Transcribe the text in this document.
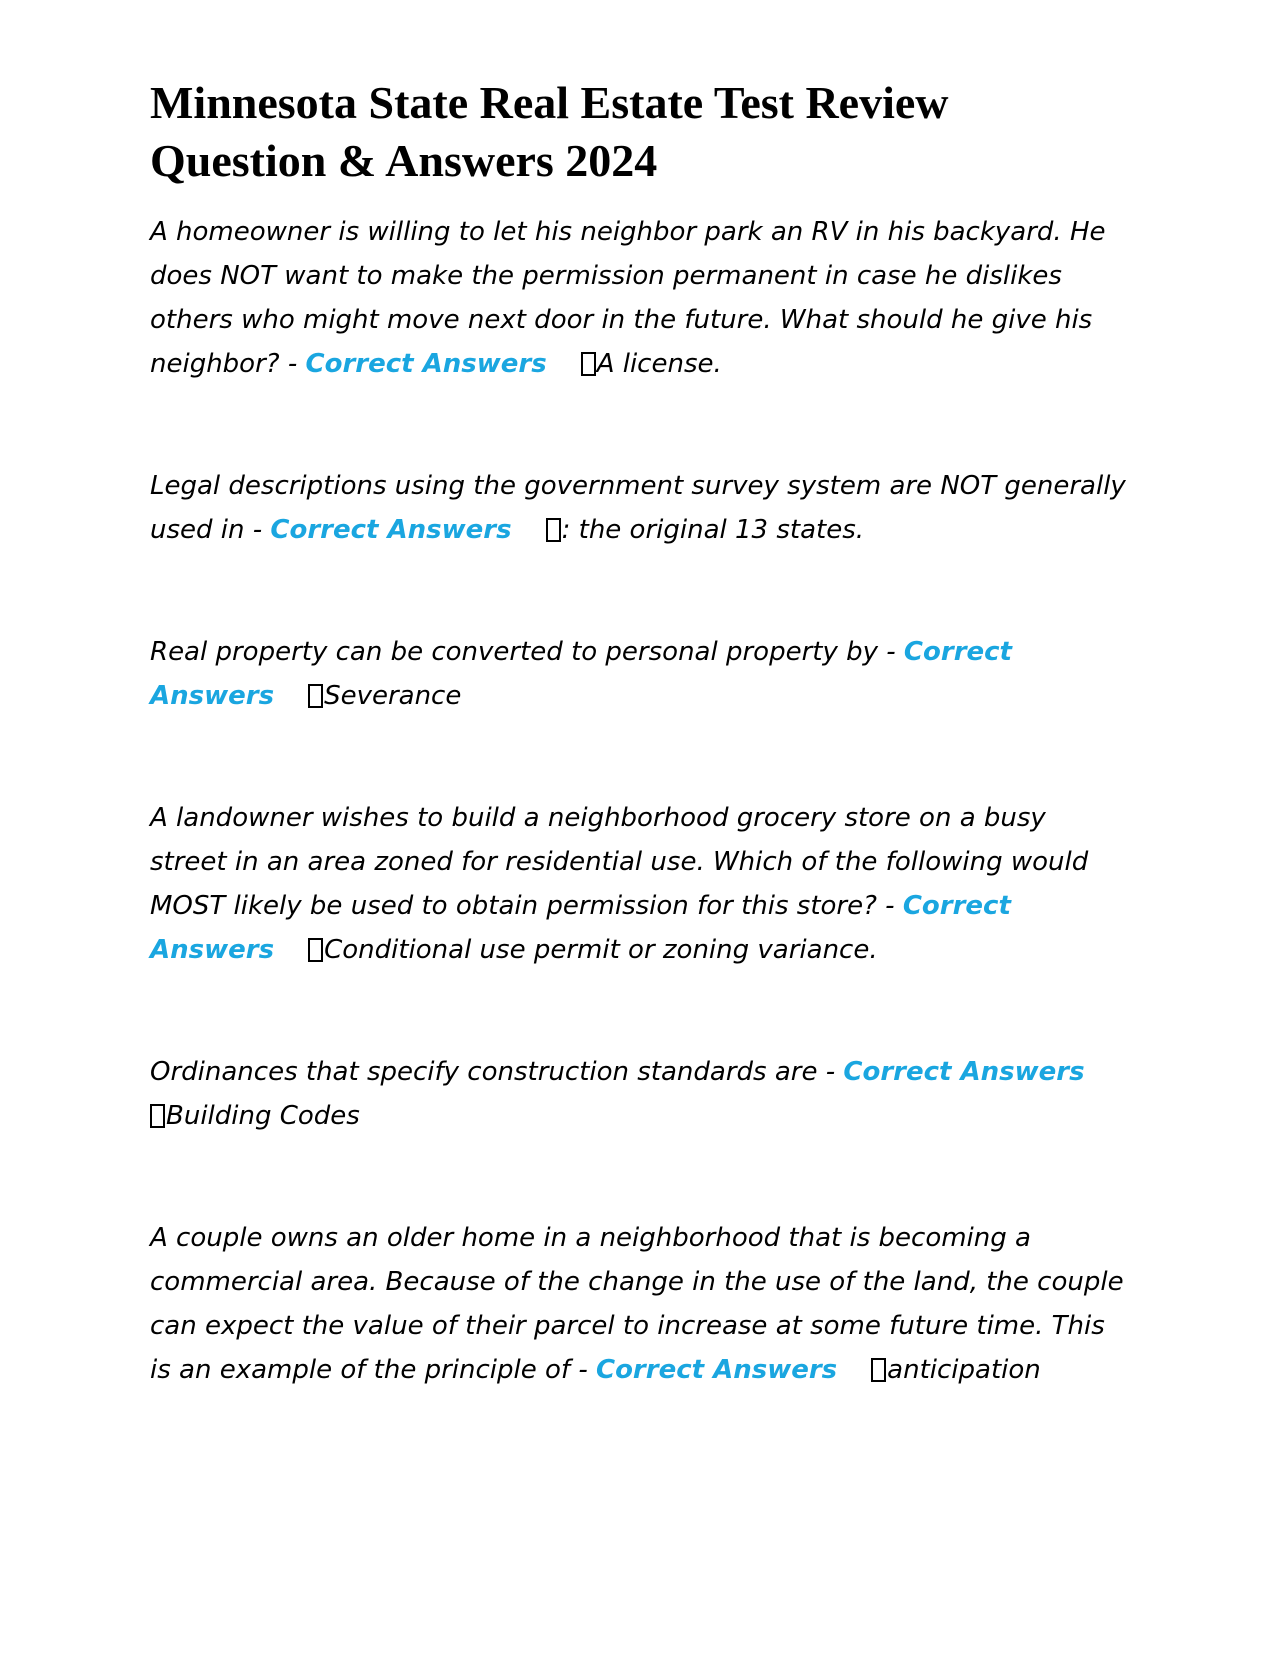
Minnesota State Real Estate Test Review
Question & Answers 2024

A homeowner is willing to let his neighbor park an RV in his backyard. He does NOT want to make the permission permanent in case he dislikes others who might move next door in the future. What should he give his neighbor? - Correct Answers A license.

Legal descriptions using the government survey system are NOT generally used in - Correct Answers : the original 13 states.

Real property can be converted to personal property by - Correct Answers Severance

A landowner wishes to build a neighborhood grocery store on a busy street in an area zoned for residential use. Which of the following would MOST likely be used to obtain permission for this store? - Correct Answers Conditional use permit or zoning variance.

Ordinances that specify construction standards are - Correct AnswersBuilding Codes

A couple owns an older home in a neighborhood that is becoming a commercial area. Because of the change in the use of the land, the couple can expect the value of their parcel to increase at some future time. This is an example of the principle of - Correct Answers anticipation
